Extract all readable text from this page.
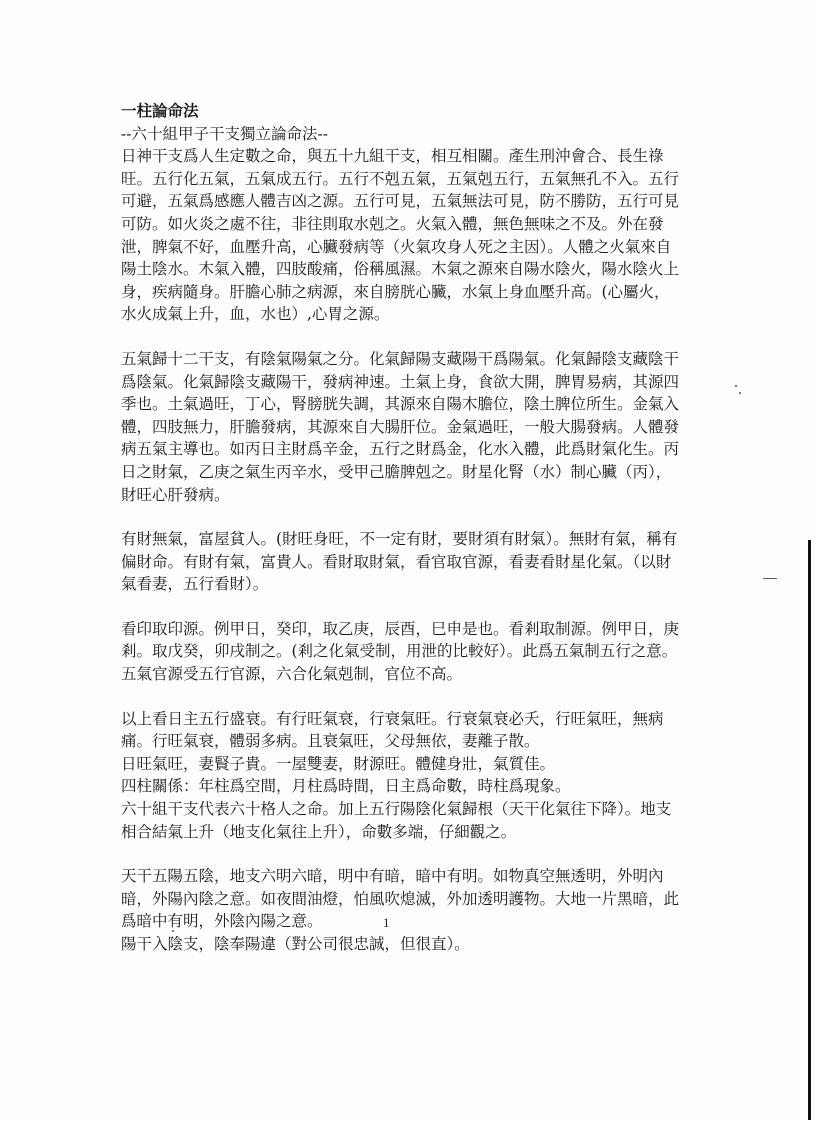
一柱論命法
--六十組甲子干支獨立論命法--
日神干支爲人生定數之命，與五十九組干支，相互相關。產生刑沖會合、長生祿旺。五行化五氣，五氣成五行。五行不剋五氣，五氣剋五行，五氣無孔不入。五行可避，五氣爲感應人體吉凶之源。五行可見，五氣無法可見，防不勝防，五行可見可防。如火炎之處不往，非往則取水剋之。火氣入體，無色無味之不及。外在發泄，脾氣不好，血壓升高，心臟發病等（火氣攻身人死之主因）。人體之火氣來自陽土陰水。木氣入體，四肢酸痛，俗稱風濕。木氣之源來自陽水陰火，陽水陰火上身，疾病隨身。肝膽心肺之病源，來自膀胱心臟，水氣上身血壓升高。(心屬火，水火成氣上升，血，水也）,心胃之源。
五氣歸十二干支，有陰氣陽氣之分。化氣歸陽支藏陽干爲陽氣。化氣歸陰支藏陰干爲陰氣。化氣歸陰支藏陽干，發病神速。土氣上身，食欲大開，脾胃易病，其源四季也。土氣過旺，丁心，腎膀胱失調，其源來自陽木膽位，陰土脾位所生。金氣入體，四肢無力，肝膽發病，其源來自大腸肝位。金氣過旺，一般大腸發病。人體發病五氣主導也。如丙日主財爲辛金，五行之財爲金，化水入體，此爲財氣化生。丙日之財氣，乙庚之氣生丙辛水，受甲己膽脾剋之。財星化腎（水）制心臟（丙），財旺心肝發病。
有財無氣，富屋貧人。(財旺身旺，不一定有財，要財須有財氣）。無財有氣，稱有偏財命。有財有氣，富貴人。看財取財氣，看官取官源，看妻看財星化氣。（以財氣看妻，五行看財）。
看印取印源。例甲日，癸印，取乙庚，辰酉，巳申是也。看剎取制源。例甲日，庚剎。取戊癸，卯戌制之。(剎之化氣受制，用泄的比較好）。此爲五氣制五行之意。五氣官源受五行官源，六合化氣剋制，官位不高。
以上看日主五行盛衰。有行旺氣衰，行衰氣旺。行衰氣衰必夭，行旺氣旺，無病痛。行旺氣衰，體弱多病。且衰氣旺，父母無依，妻離子散。
日旺氣旺，妻賢子貴。一屋雙妻，財源旺。體健身壯，氣質佳。
四柱關係：年柱爲空間，月柱爲時間，日主爲命數，時柱爲現象。
六十組干支代表六十格人之命。加上五行陽陰化氣歸根（天干化氣往下降）。地支相合結氣上升（地支化氣往上升），命數多端，仔細觀之。
天干五陽五陰，地支六明六暗，明中有暗，暗中有明。如物真空無透明，外明內暗，外陽內陰之意。如夜間油燈，怕風吹熄滅，外加透明護物。大地一片黑暗，此爲暗中有明，外陰內陽之意。
陽干入陰支，陰奉陽違（對公司很忠誠，但很直）。
1
